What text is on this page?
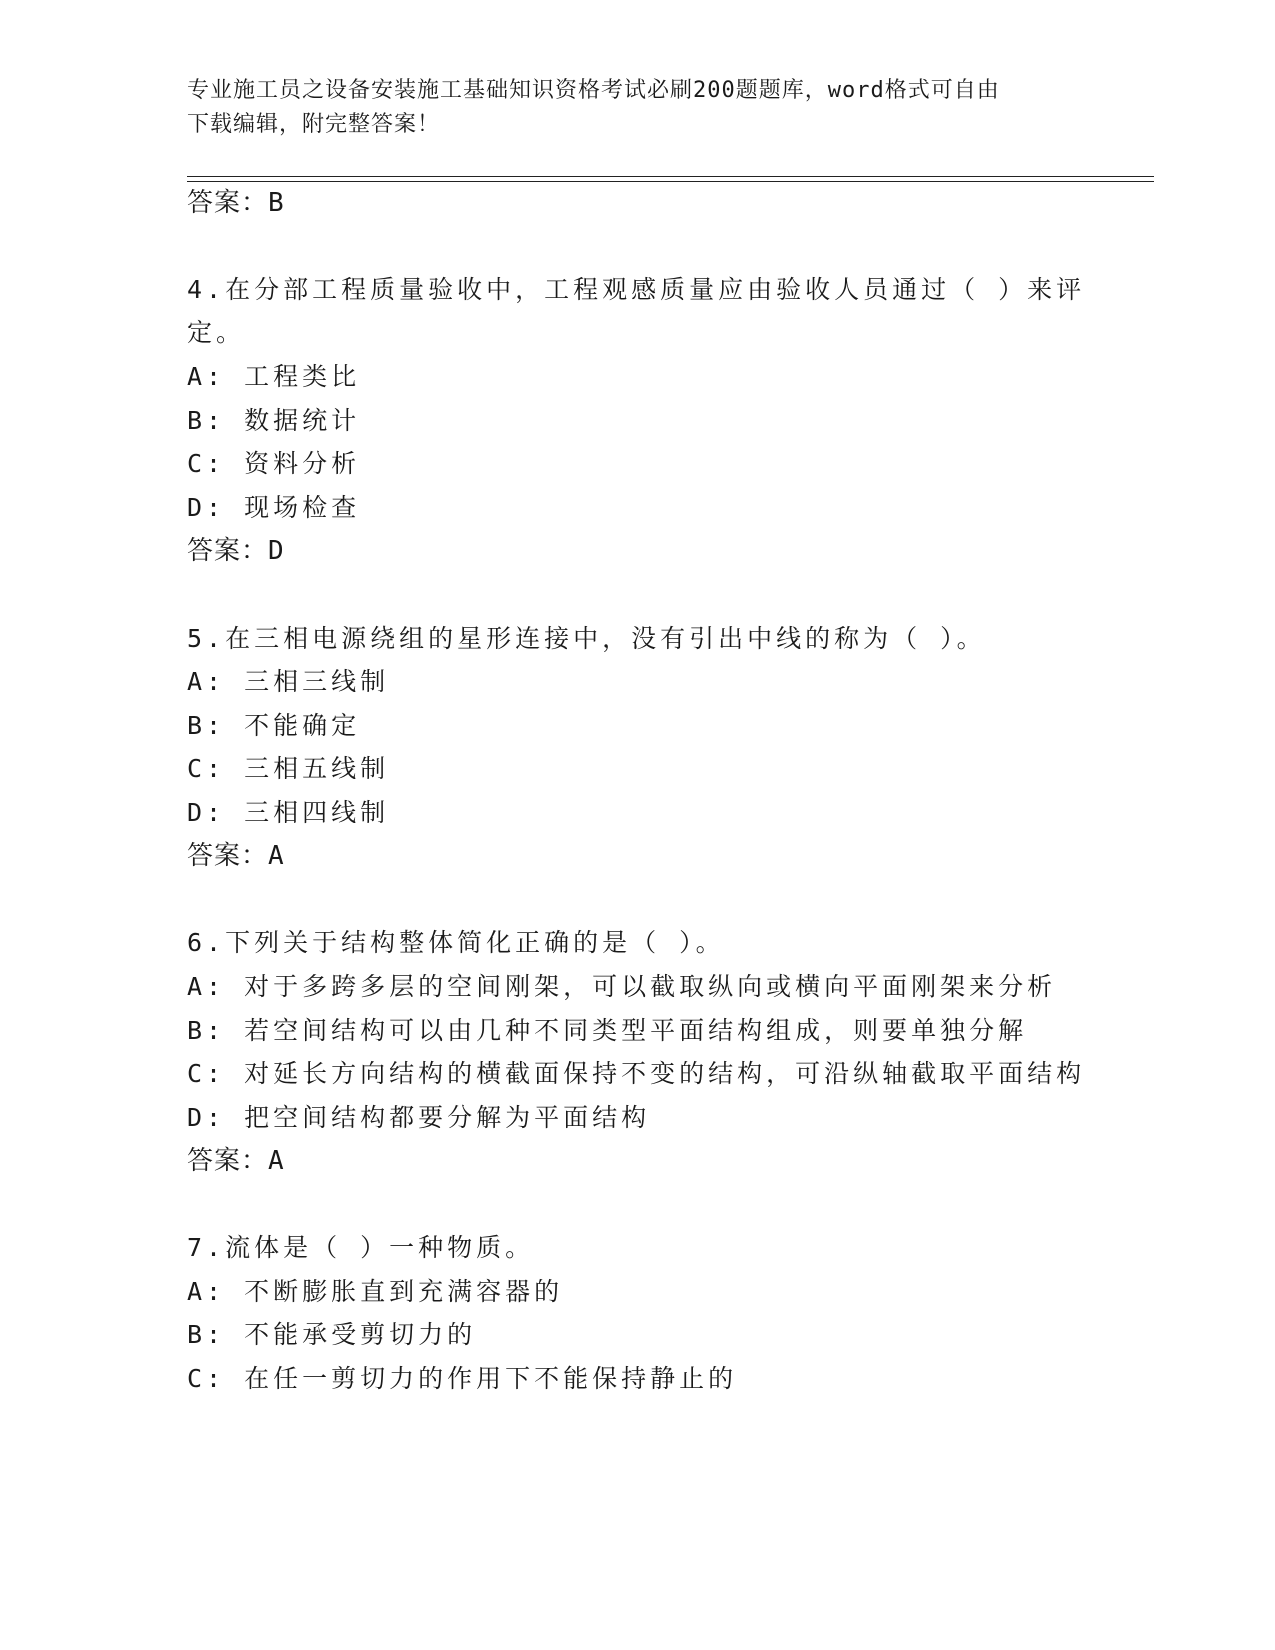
专业施工员之设备安装施工基础知识资格考试必刷200题题库，word格式可自由
下载编辑，附完整答案！
答案：B
4.在分部工程质量验收中，工程观感质量应由验收人员通过（ ）来评
定。
A: 工程类比
B: 数据统计
C: 资料分析
D: 现场检查
答案：D
5.在三相电源绕组的星形连接中，没有引出中线的称为（ ）。
A: 三相三线制
B: 不能确定
C: 三相五线制
D: 三相四线制
答案：A
6.下列关于结构整体简化正确的是（ ）。
A: 对于多跨多层的空间刚架，可以截取纵向或横向平面刚架来分析
B: 若空间结构可以由几种不同类型平面结构组成，则要单独分解
C: 对延长方向结构的横截面保持不变的结构，可沿纵轴截取平面结构
D: 把空间结构都要分解为平面结构
答案：A
7.流体是（ ）一种物质。
A: 不断膨胀直到充满容器的
B: 不能承受剪切力的
C: 在任一剪切力的作用下不能保持静止的
